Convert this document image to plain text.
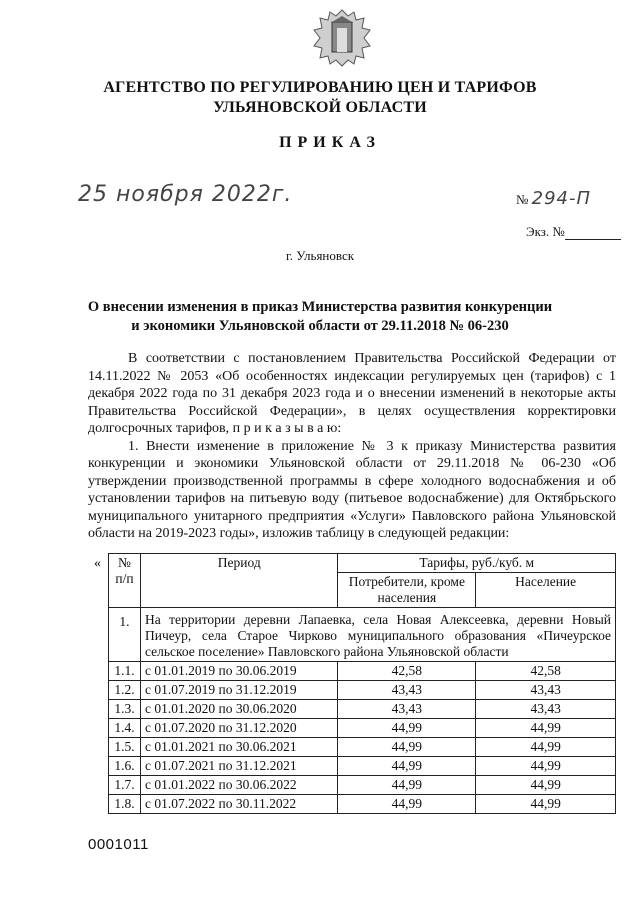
АГЕНТСТВО ПО РЕГУЛИРОВАНИЮ ЦЕН И ТАРИФОВ
УЛЬЯНОВСКОЙ ОБЛАСТИ
ПРИКАЗ
25 ноября 2022г.	№ 294-П
Экз. №
г. Ульяновск
О внесении изменения в приказ Министерства развития конкуренции
и экономики Ульяновской области от 29.11.2018 № 06-230

В соответствии с постановлением Правительства Российской Федерации от 14.11.2022 № 2053 «Об особенностях индексации регулируемых цен (тарифов) с 1 декабря 2022 года по 31 декабря 2023 года и о внесении изменений в некоторые акты Правительства Российской Федерации», в целях осуществления корректировки долгосрочных тарифов, п р и к а з ы в а ю:

1. Внести изменение в приложение № 3 к приказу Министерства развития конкуренции и экономики Ульяновской области от 29.11.2018 № 06-230 «Об утверждении производственной программы в сфере холодного водоснабжения и об установлении тарифов на питьевую воду (питьевое водоснабжение) для Октябрьского муниципального унитарного предприятия «Услуги» Павловского района Ульяновской области на 2019-2023 годы», изложив таблицу в следующей редакции:

« № п/п	Период	Тарифы, руб./куб. м	
		Потребители, кроме населения	Население
1.	На территории деревни Лапаевка, села Новая Алексеевка, деревни Новый Пичеур, села Старое Чирково муниципального образования «Пичеурское сельское поселение» Павловского района Ульяновской области		
1.1.	с 01.01.2019 по 30.06.2019	42,58	42,58
1.2.	с 01.07.2019 по 31.12.2019	43,43	43,43
1.3.	с 01.01.2020 по 30.06.2020	43,43	43,43
1.4.	с 01.07.2020 по 31.12.2020	44,99	44,99
1.5.	с 01.01.2021 по 30.06.2021	44,99	44,99
1.6.	с 01.07.2021 по 31.12.2021	44,99	44,99
1.7.	с 01.01.2022 по 30.06.2022	44,99	44,99
1.8.	с 01.07.2022 по 30.11.2022	44,99	44,99
0001011
